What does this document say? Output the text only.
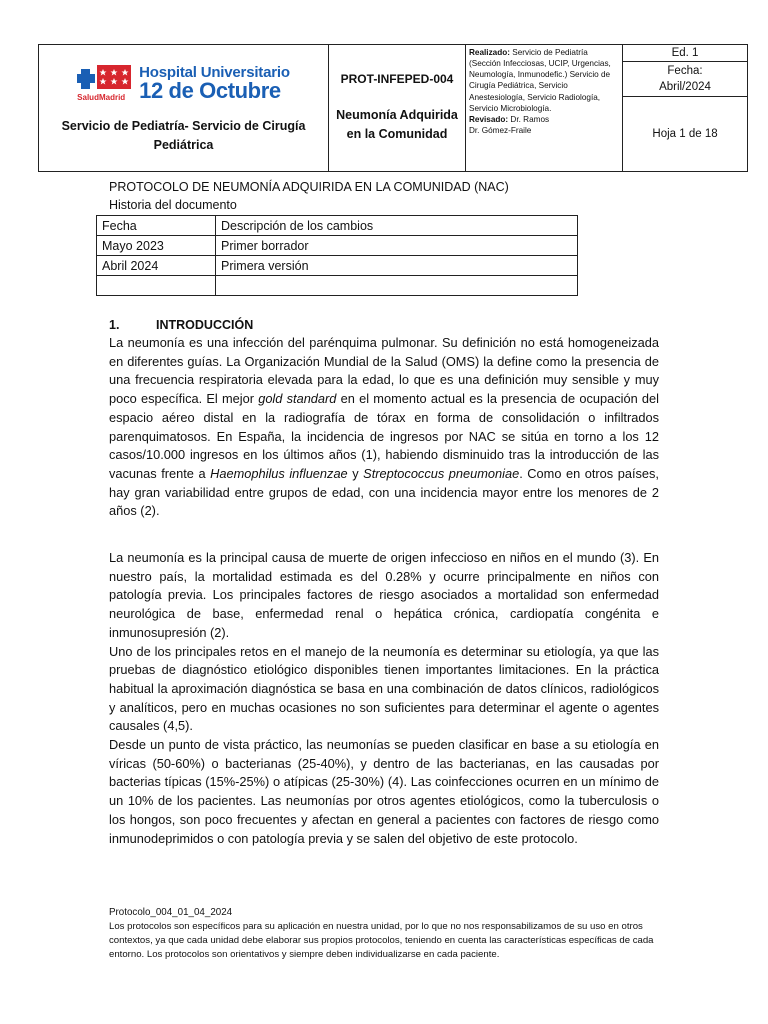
SaludMadrid
Hospital Universitario
12 de Octubre
Servicio de Pediatría- Servicio de Cirugía Pediátrica

PROT-INFEPED-004
Neumonía Adquirida en la Comunidad
	Realizado: Servicio de Pediatría (Sección Infecciosas, UCIP, Urgencias, Neumología, Inmunodefic.) Servicio de Cirugía Pediátrica, Servicio Anestesiología, Servicio Radiología, Servicio Microbiología.
Revisado: Dr. Ramos
Dr. Gómez-Fraile	
Ed. 1

Fecha:
Abril/2024

Hoja 1 de 18
PROTOCOLO DE NEUMONÍA ADQUIRIDA EN LA COMUNIDAD (NAC)
Historia del documento
Fecha	Descripción de los cambios
Mayo 2023	Primer borrador
Abril 2024	Primera versión

1.	INTRODUCCIÓN

La neumonía es una infección del parénquima pulmonar. Su definición no está homogeneizada en diferentes guías. La Organización Mundial de la Salud (OMS) la define como la presencia de una frecuencia respiratoria elevada para la edad, lo que es una definición muy sensible y muy poco específica. El mejor gold standard en el momento actual es la presencia de ocupación del espacio aéreo distal en la radiografía de tórax en forma de consolidación o infiltrados parenquimatosos. En España, la incidencia de ingresos por NAC se sitúa en torno a los 12 casos/10.000 ingresos en los últimos años (1), habiendo disminuido tras la introducción de las vacunas frente a Haemophilus influenzae y Streptococcus pneumoniae. Como en otros países, hay gran variabilidad entre grupos de edad, con una incidencia mayor entre los menores de 2 años (2).

La neumonía es la principal causa de muerte de origen infeccioso en niños en el mundo (3). En nuestro país, la mortalidad estimada es del 0.28% y ocurre principalmente en niños con patología previa. Los principales factores de riesgo asociados a mortalidad son enfermedad neurológica de base, enfermedad renal o hepática crónica, cardiopatía congénita e inmunosupresión (2).

Uno de los principales retos en el manejo de la neumonía es determinar su etiología, ya que las pruebas de diagnóstico etiológico disponibles tienen importantes limitaciones. En la práctica habitual la aproximación diagnóstica se basa en una combinación de datos clínicos, radiológicos y analíticos, pero en muchas ocasiones no son suficientes para determinar el agente o agentes causales (4,5).

Desde un punto de vista práctico, las neumonías se pueden clasificar en base a su etiología en víricas (50-60%) o bacterianas (25-40%), y dentro de las bacterianas, en las causadas por bacterias típicas (15%-25%) o atípicas (25-30%) (4). Las coinfecciones ocurren en un mínimo de un 10% de los pacientes. Las neumonías por otros agentes etiológicos, como la tuberculosis o los hongos, son poco frecuentes y afectan en general a pacientes con factores de riesgo como inmunodeprimidos o con patología previa y se salen del objetivo de este protocolo.

Protocolo_004_01_04_2024
Los protocolos son específicos para su aplicación en nuestra unidad, por lo que no nos responsabilizamos de su uso en otros contextos, ya que cada unidad debe elaborar sus propios protocolos, teniendo en cuenta las características específicas de cada entorno. Los protocolos son orientativos y siempre deben individualizarse en cada paciente.
